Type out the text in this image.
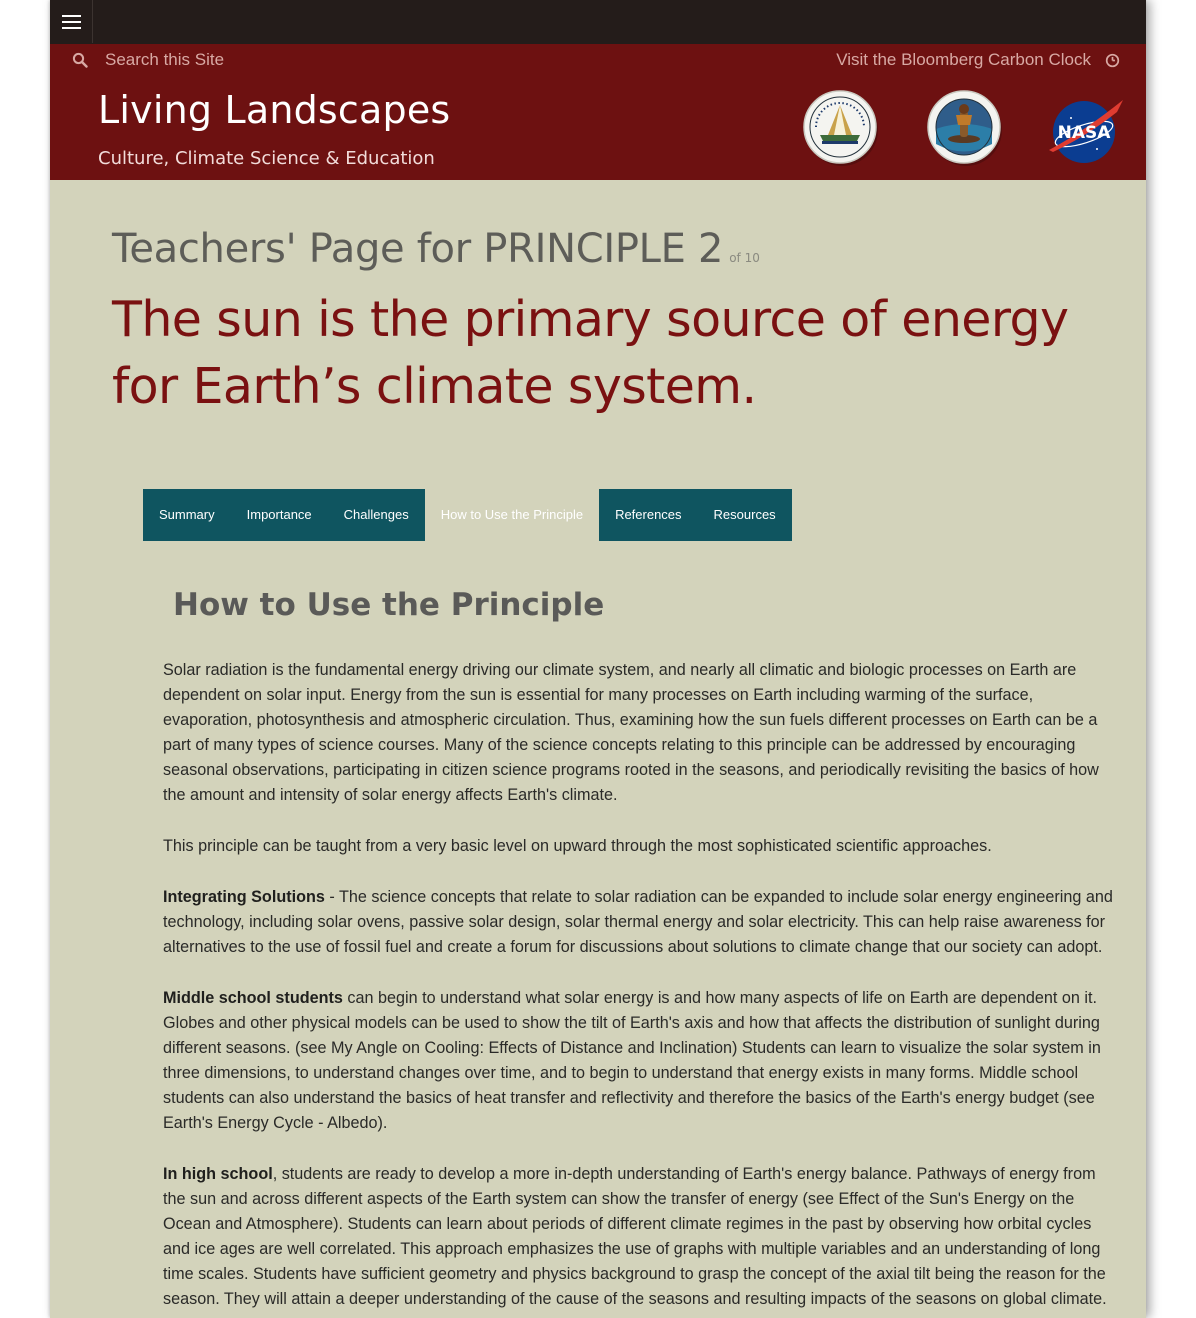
Search this Site	Visit the Bloomberg Carbon Clock
Living Landscapes
Culture, Climate Science & Education
NASA
Teachers' Page for PRINCIPLE 2 of 10
The sun is the primary source of energy for Earth’s climate system.
Summary	Importance	Challenges	How to Use the Principle	References	Resources
How to Use the Principle

Solar radiation is the fundamental energy driving our climate system, and nearly all climatic and biologic processes on Earth are dependent on solar input. Energy from the sun is essential for many processes on Earth including warming of the surface, evaporation, photosynthesis and atmospheric circulation. Thus, examining how the sun fuels different processes on Earth can be a part of many types of science courses. Many of the science concepts relating to this principle can be addressed by encouraging seasonal observations, participating in citizen science programs rooted in the seasons, and periodically revisiting the basics of how the amount and intensity of solar energy affects Earth's climate.

This principle can be taught from a very basic level on upward through the most sophisticated scientific approaches.

Integrating Solutions - The science concepts that relate to solar radiation can be expanded to include solar energy engineering and technology, including solar ovens, passive solar design, solar thermal energy and solar electricity. This can help raise awareness for alternatives to the use of fossil fuel and create a forum for discussions about solutions to climate change that our society can adopt.

Middle school students can begin to understand what solar energy is and how many aspects of life on Earth are dependent on it. Globes and other physical models can be used to show the tilt of Earth's axis and how that affects the distribution of sunlight during different seasons. (see My Angle on Cooling: Effects of Distance and Inclination) Students can learn to visualize the solar system in three dimensions, to understand changes over time, and to begin to understand that energy exists in many forms. Middle school students can also understand the basics of heat transfer and reflectivity and therefore the basics of the Earth's energy budget (see Earth's Energy Cycle - Albedo).

In high school, students are ready to develop a more in-depth understanding of Earth's energy balance. Pathways of energy from the sun and across different aspects of the Earth system can show the transfer of energy (see Effect of the Sun's Energy on the Ocean and Atmosphere). Students can learn about periods of different climate regimes in the past by observing how orbital cycles and ice ages are well correlated. This approach emphasizes the use of graphs with multiple variables and an understanding of long time scales. Students have sufficient geometry and physics background to grasp the concept of the axial tilt being the reason for the season. They will attain a deeper understanding of the cause of the seasons and resulting impacts of the seasons on global climate.
